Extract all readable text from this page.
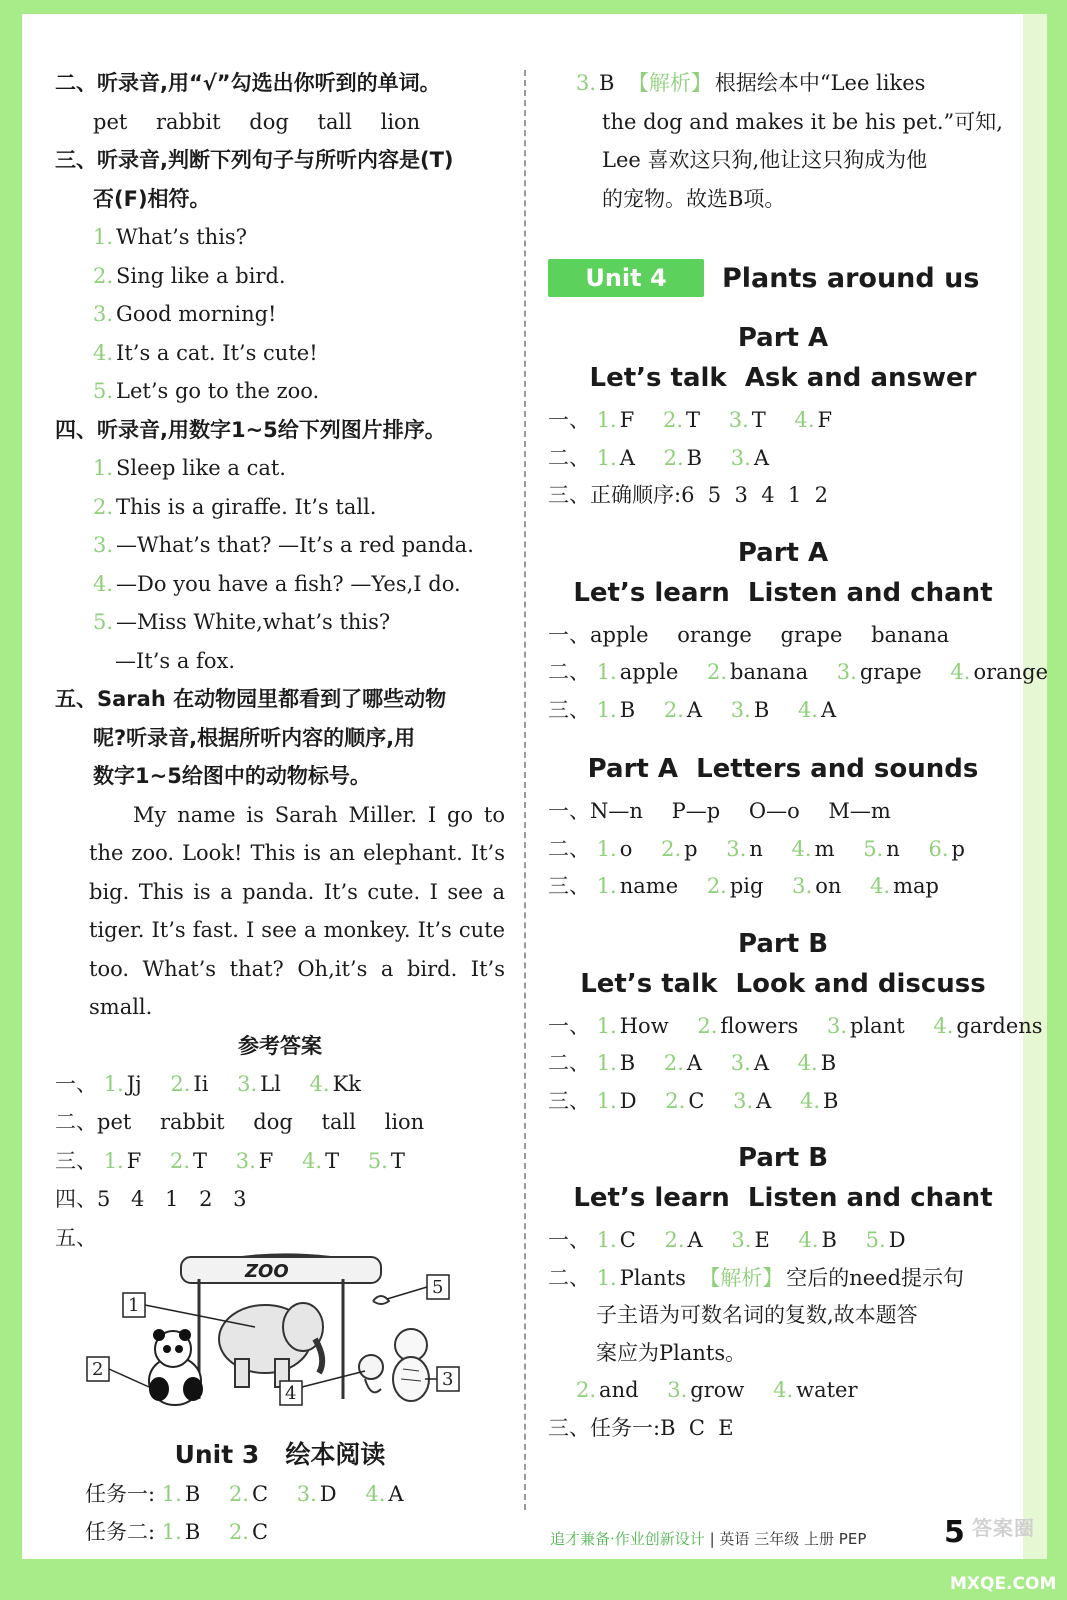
二、听录音,用“√”勾选出你听到的单词。
pet rabbit dog tall lion
三、听录音,判断下列句子与所听内容是(T)
否(F)相符。
1. What’s this?
2. Sing like a bird.
3. Good morning!
4. It’s a cat. It’s cute!
5. Let’s go to the zoo.
四、听录音,用数字1~5给下列图片排序。
1. Sleep like a cat.
2. This is a giraffe. It’s tall.
3. —What’s that? —It’s a red panda.
4. —Do you have a fish? —Yes,I do.
5. —Miss White,what’s this?
—It’s a fox.
五、Sarah 在动物园里都看到了哪些动物
呢?听录音,根据所听内容的顺序,用
数字1~5给图中的动物标号。
My name is Sarah Miller. I go to the zoo. Look! This is an elephant. It’s big. This is a panda. It’s cute. I see a tiger. It’s fast. I see a monkey. It’s cute too. What’s that? Oh,it’s a bird. It’s small.
参考答案
一、 1. Jj 2. Ii 3. Ll 4. Kk
二、pet rabbit dog tall lion
三、 1. F 2. T 3. F 4. T 5. T
四、5 4 1 2 3
五、
ZOO
1
2	3
4
5
Unit 3 绘本阅读
任务一: 1. B 2. C 3. D 4. A
任务二: 1. B 2. C
3. B 【解析】 根据绘本中“Lee likes
the dog and makes it be his pet.”可知,
Lee 喜欢这只狗,他让这只狗成为他
的宠物。故选B项。
Unit 4	Plants around us
Part A
Let’s talk  Ask and answer
一、 1. F 2. T 3. T 4. F
二、 1. A 2. B 3. A
三、正确顺序:6  5  3  4  1  2
Part A
Let’s learn  Listen and chant
一、apple orange grape banana
二、 1. apple 2. banana 3. grape 4. orange
三、 1. B 2. A 3. B 4. A
Part A  Letters and sounds
一、N—n P—p O—o M—m
二、 1. o 2. p 3. n 4. m 5. n 6. p
三、 1. name 2. pig 3. on 4. map
Part B
Let’s talk  Look and discuss
一、 1. How 2. flowers 3. plant 4. gardens
二、 1. B 2. A 3. A 4. B
三、 1. D 2. C 3. A 4. B
Part B
Let’s learn  Listen and chant
一、 1. C 2. A 3. E 4. B 5. D
二、 1. Plants 【解析】 空后的need提示句
子主语为可数名词的复数,故本题答
案应为Plants。
2. and 3. grow 4. water
三、任务一:B  C  E
追才兼备·作业创新设计 | 英语 三年级 上册 PEP	5 答案圈
MXQE.COM
